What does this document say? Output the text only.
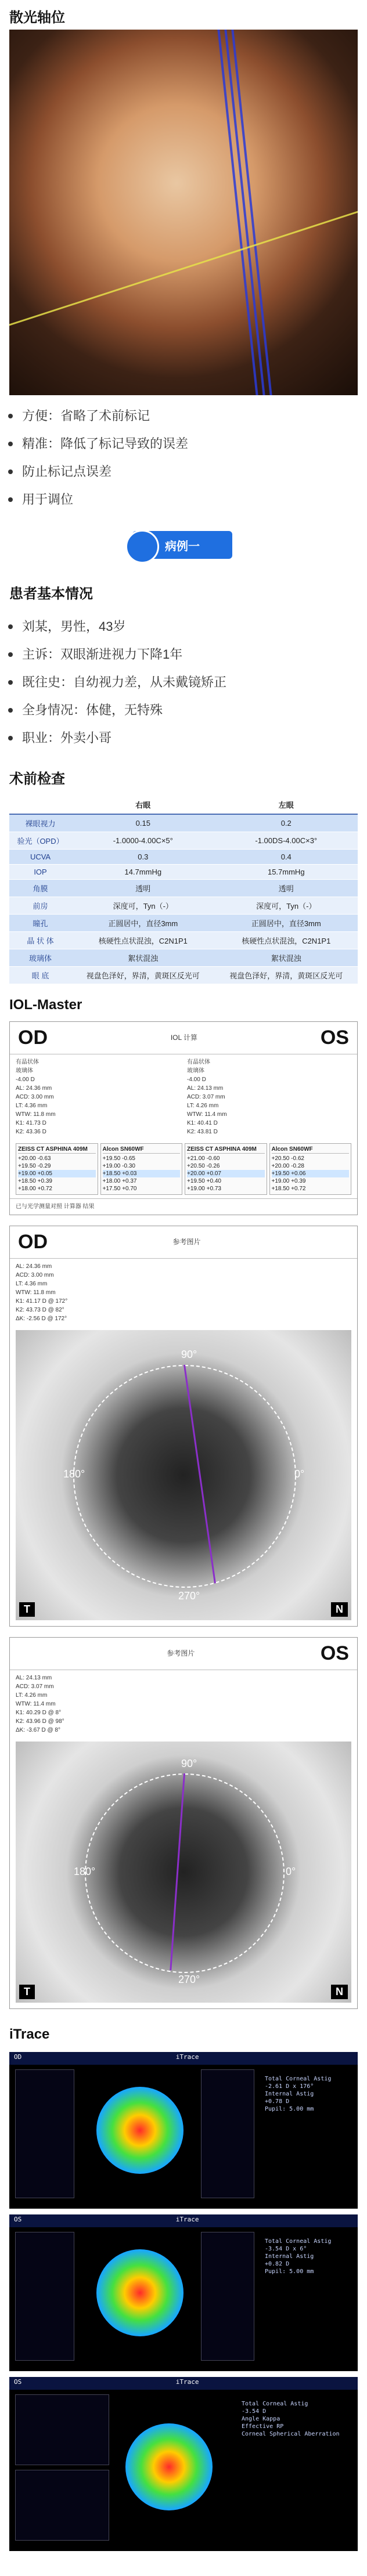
散光轴位
方便：省略了术前标记
精准：降低了标记导致的误差
防止标记点误差
用于调位
病例一
患者基本情况
刘某，男性，43岁
主诉：双眼渐进视力下降1年
既往史：自幼视力差，从未戴镜矫正
全身情况：体健，无特殊
职业：外卖小哥
术前检查
	右眼	左眼
裸眼视力	0.15	0.2
验光（OPD）	-1.0000-4.00C×5°	-1.00DS-4.00C×3°
UCVA	0.3	0.4
IOP	14.7mmHg	15.7mmHg
角膜	透明	透明
前房	深度可，Tyn（-）	深度可，Tyn（-）
瞳孔	正圆居中，直径3mm	正圆居中，直径3mm
晶 状 体	核硬性点状混浊，C2N1P1	核硬性点状混浊，C2N1P1
玻璃体	絮状混浊	絮状混浊
眼 底	视盘色泽好，界清，黄斑区反光可	视盘色泽好，界清，黄斑区反光可
IOL-Master
OD	IOL 计算	OS
有晶状体
玻璃体
-4.00 D
AL: 24.36 mm
ACD: 3.00 mm
LT: 4.36 mm
WTW: 11.8 mm
K1: 41.73 D
K2: 43.36 D
有晶状体
玻璃体
-4.00 D
AL: 24.13 mm
ACD: 3.07 mm
LT: 4.26 mm
WTW: 11.4 mm
K1: 40.41 D
K2: 43.81 D
ZEISS CT ASPHINA 409M
+20.00 -0.63
+19.50 -0.29
+19.00 +0.05
+18.50 +0.39
+18.00 +0.72
Alcon SN60WF
+19.50 -0.65
+19.00 -0.30
+18.50 +0.03
+18.00 +0.37
+17.50 +0.70
ZEISS CT ASPHINA 409M
+21.00 -0.60
+20.50 -0.26
+20.00 +0.07
+19.50 +0.40
+19.00 +0.73
Alcon SN60WF
+20.50 -0.62
+20.00 -0.28
+19.50 +0.06
+19.00 +0.39
+18.50 +0.72
已与光学测量对照 计算器 结果
OD	参考图片
AL: 24.36 mm
ACD: 3.00 mm
LT: 4.36 mm
WTW: 11.8 mm
K1: 41.17 D @ 172°
K2: 43.73 D @ 82°
ΔK: -2.56 D @ 172°
90°
180°	0°
270°
T	N
参考图片	OS
AL: 24.13 mm
ACD: 3.07 mm
LT: 4.26 mm
WTW: 11.4 mm
K1: 40.29 D @ 8°
K2: 43.96 D @ 98°
ΔK: -3.67 D @ 8°
90°
180°	0°
270°
T	N
iTrace
OD	iTrace
Total Corneal Astig
-2.61 D x 176°
Internal Astig
+0.78 D
Pupil: 5.00 mm
OS	iTrace
Total Corneal Astig
-3.54 D x 6°
Internal Astig
+0.82 D
Pupil: 5.00 mm
OS	iTrace
Total Corneal Astig
-3.54 D
Angle Kappa
Effective RP
Corneal Spherical Aberration
